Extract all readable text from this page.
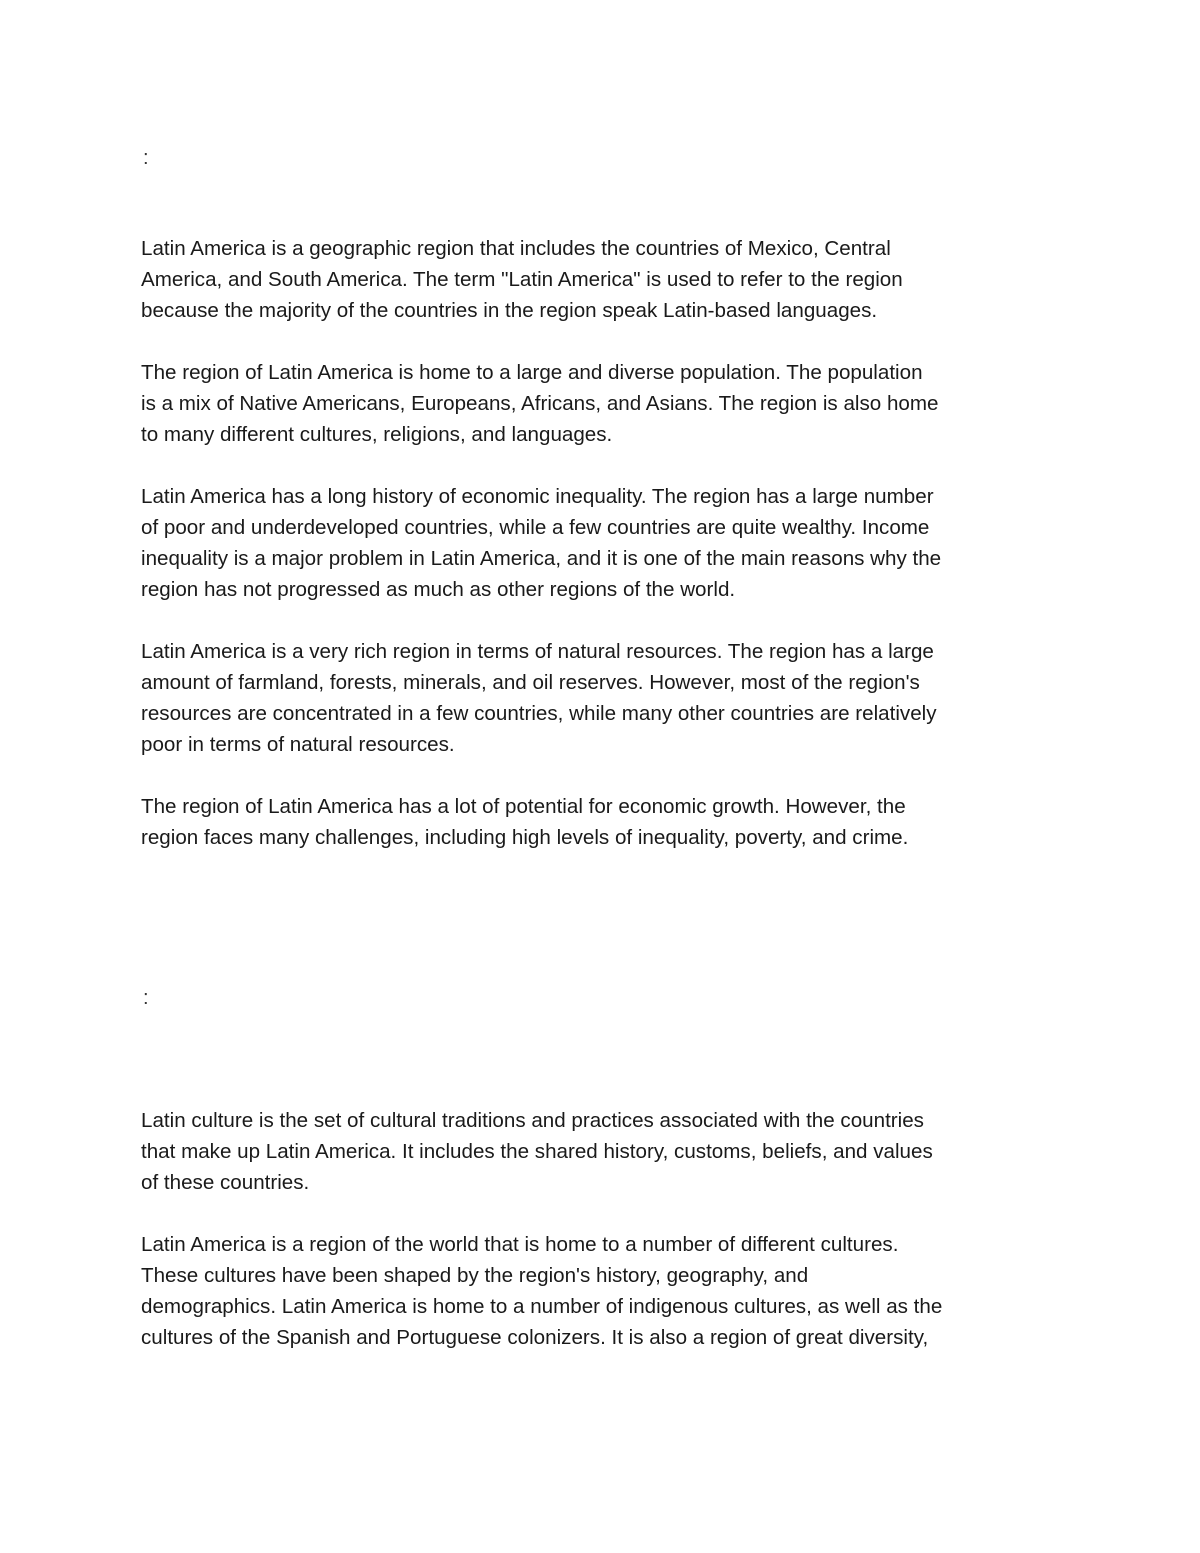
:

Latin America is a geographic region that includes the countries of Mexico, Central
America, and South America. The term "Latin America" is used to refer to the region
because the majority of the countries in the region speak Latin-based languages.

The region of Latin America is home to a large and diverse population. The population
is a mix of Native Americans, Europeans, Africans, and Asians. The region is also home
to many different cultures, religions, and languages.

Latin America has a long history of economic inequality. The region has a large number
of poor and underdeveloped countries, while a few countries are quite wealthy. Income
inequality is a major problem in Latin America, and it is one of the main reasons why the
region has not progressed as much as other regions of the world.

Latin America is a very rich region in terms of natural resources. The region has a large
amount of farmland, forests, minerals, and oil reserves. However, most of the region's
resources are concentrated in a few countries, while many other countries are relatively
poor in terms of natural resources.

The region of Latin America has a lot of potential for economic growth. However, the
region faces many challenges, including high levels of inequality, poverty, and crime.

:

Latin culture is the set of cultural traditions and practices associated with the countries
that make up Latin America. It includes the shared history, customs, beliefs, and values
of these countries.

Latin America is a region of the world that is home to a number of different cultures.
These cultures have been shaped by the region's history, geography, and
demographics. Latin America is home to a number of indigenous cultures, as well as the
cultures of the Spanish and Portuguese colonizers. It is also a region of great diversity,
